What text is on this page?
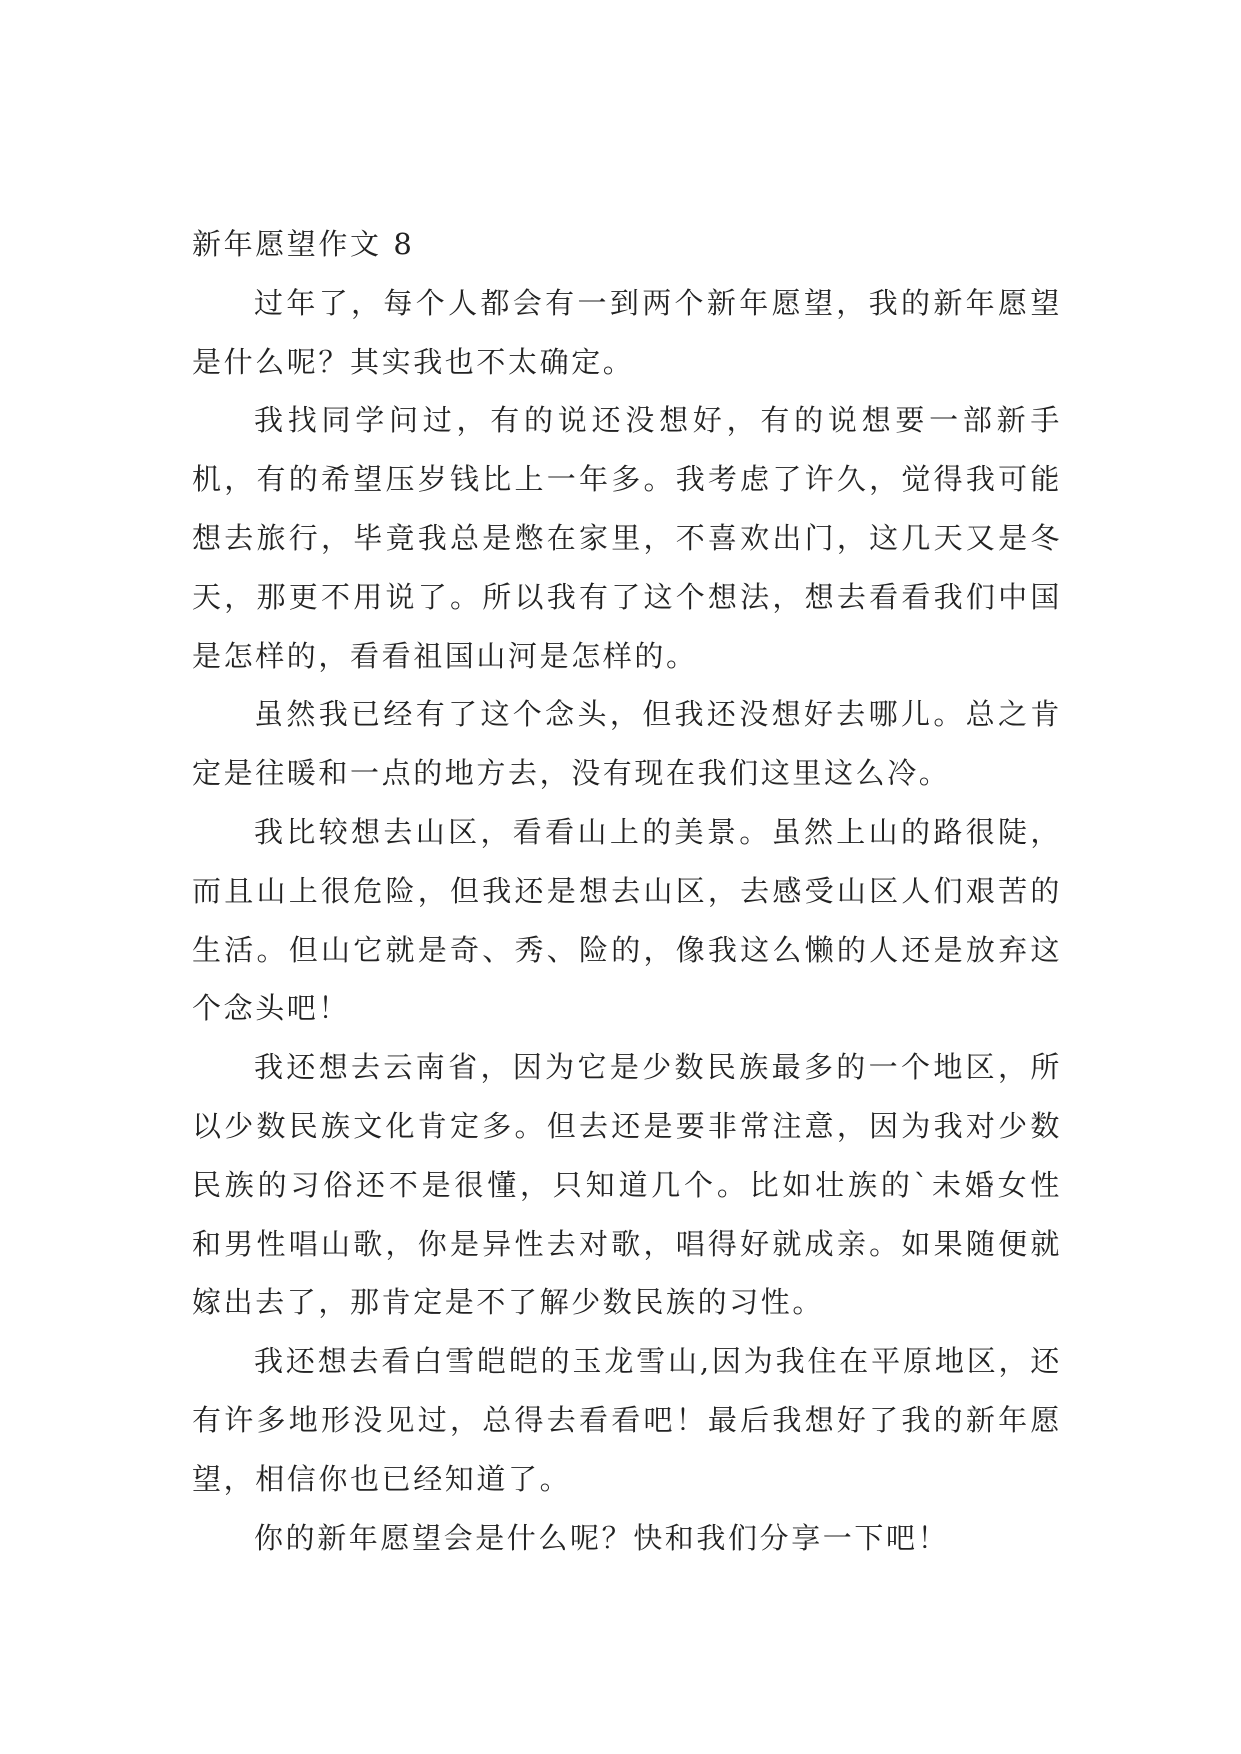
新年愿望作文 8

过年了，每个人都会有一到两个新年愿望，我的新年愿望是什么呢？其实我也不太确定。

我找同学问过，有的说还没想好，有的说想要一部新手机，有的希望压岁钱比上一年多。我考虑了许久，觉得我可能想去旅行，毕竟我总是憋在家里，不喜欢出门，这几天又是冬天，那更不用说了。所以我有了这个想法，想去看看我们中国是怎样的，看看祖国山河是怎样的。

虽然我已经有了这个念头，但我还没想好去哪儿。总之肯定是往暖和一点的地方去，没有现在我们这里这么冷。

我比较想去山区，看看山上的美景。虽然上山的路很陡，而且山上很危险，但我还是想去山区，去感受山区人们艰苦的生活。但山它就是奇、秀、险的，像我这么懒的人还是放弃这个念头吧！

我还想去云南省，因为它是少数民族最多的一个地区，所以少数民族文化肯定多。但去还是要非常注意，因为我对少数民族的习俗还不是很懂，只知道几个。比如壮族的`未婚女性和男性唱山歌，你是异性去对歌，唱得好就成亲。如果随便就嫁出去了，那肯定是不了解少数民族的习性。

我还想去看白雪皑皑的玉龙雪山,因为我住在平原地区，还有许多地形没见过，总得去看看吧！最后我想好了我的新年愿望，相信你也已经知道了。

你的新年愿望会是什么呢？快和我们分享一下吧！
